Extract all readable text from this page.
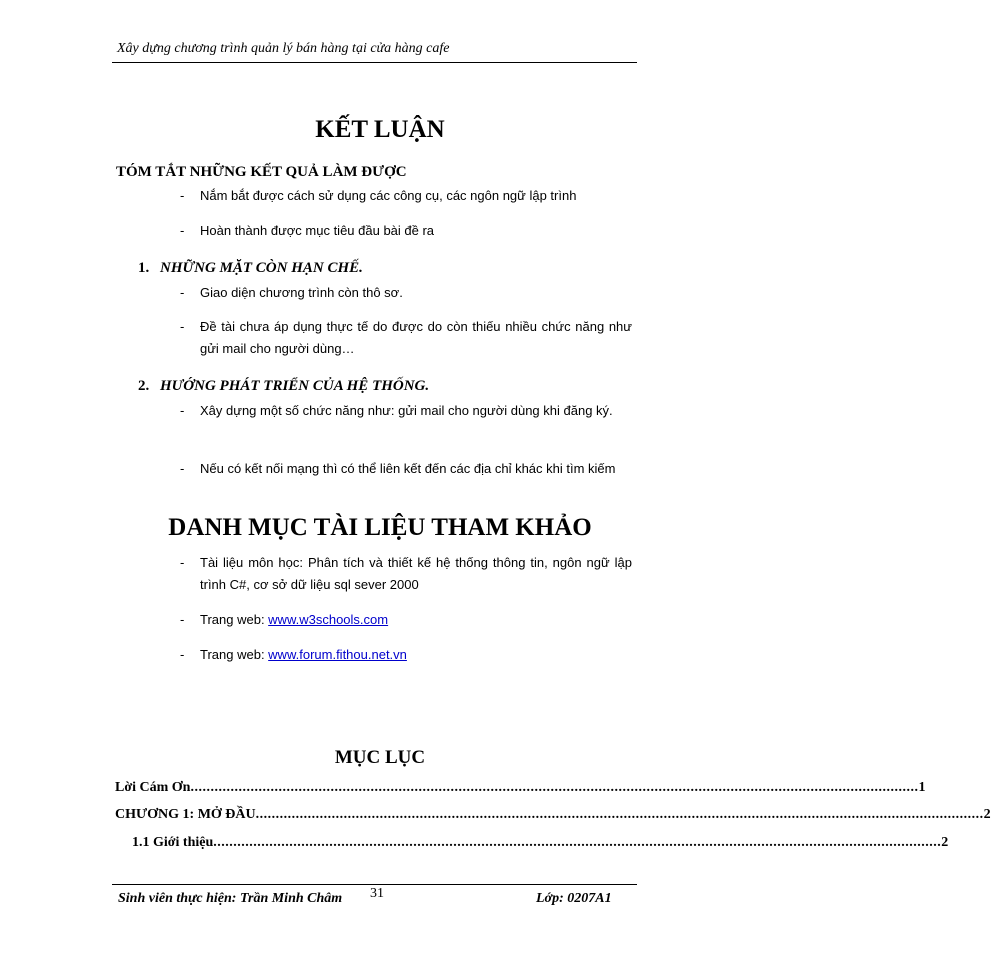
Xây dựng chương trình quản lý bán hàng tại cửa hàng cafe
KẾT LUẬN
TÓM TẮT NHỮNG KẾT QUẢ LÀM ĐƯỢC
- Nắm bắt được cách sử dụng các công cụ, các ngôn ngữ lập trình
- Hoàn thành được mục tiêu đầu bài đề ra
1. NHỮNG MẶT CÒN HẠN CHẾ.
- Giao diện chương trình còn thô sơ.
- Đề tài chưa áp dụng thực tế do được do còn thiếu nhiều chức năng như gửi mail cho người dùng…
2. HƯỚNG PHÁT TRIỂN CỦA HỆ THỐNG.
- Xây dựng một số chức năng như: gửi mail cho người dùng khi đăng ký.
- Nếu có kết nối mạng thì có thể liên kết đến các địa chỉ khác khi tìm kiếm
DANH MỤC TÀI LIỆU THAM KHẢO
- Tài liệu môn học: Phân tích và thiết kế hệ thống thông tin, ngôn ngữ lập trình C#, cơ sở dữ liệu sql sever 2000
- Trang web: www.w3schools.com
- Trang web: www.forum.fithou.net.vn
MỤC LỤC
Lời Cám Ơn ...................................................................................................................................................................................... 1
CHƯƠNG 1: MỞ ĐẦU ...................................................................................................................................................................................... 2
1.1 Giới thiệu ...................................................................................................................................................................................... 2
Sinh viên thực hiện: Trần Minh Châm 31	Lớp: 0207A1
